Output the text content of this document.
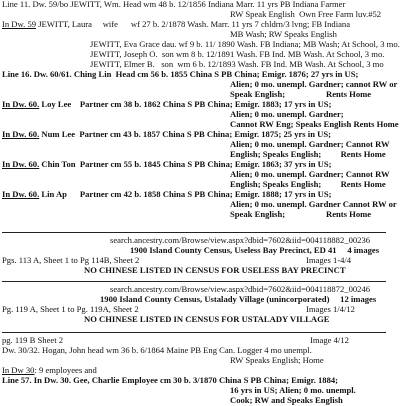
Line 11. Dw. 59/bo JEWITT, Wm. Head wm 48 b. 12/1856 Indiana Marr. 11 yrs PB Indiana Farmer
RW Speak English  Own Free Farm luv.#52
In Dw. 59 JEWITT, Laura     wife      wf 27 b. 2/1878 Wash. Marr. 11 yrs 7 chldrn/3 lvng; FB Indiana
MB Wash; RW Speaks English
JEWITT, Eva Grace dau. wf 9 b. 11/ 1890 Wash. FB Indiana; MB Wash; At School, 3 mo.
JEWITT, Joseph O.  son wm 8 b. 12/1891 Wash. FB Ind. MB Wash. At School, 3 mo.
JEWITT, Elmer B.   son  wm 6 b. 12/1893 Wash. FB Ind. MB Wash. At School, 3 mo
Line 16. Dw. 60/61. Ching Lin  Head cm 56 b. 1855 China S PB China; Emigr. 1876; 27 yrs in US;
Alien; 0 mo. unempl. Gardner; cannot RW or
Speak English;                   Rents Home
In Dw. 60. Loy Lee    Partner cm 38 b. 1862 China S PB China; Emigr. 1883; 17 yrs in US;
Alien; 0 mo. unempl. Gardner;
Cannot RW Eng; Speaks English Rents Home
In Dw. 60. Num Lee  Partner cm 43 b. 1857 China S PB China; Emigr. 1875; 25 yrs in US;
Alien; 0 mo. unempl. Gardner; Cannot RW
English; Speaks English;         Rents Home
In Dw. 60. Chin Ton  Partner cm 55 b. 1845 China S PB China; Emigr. 1863; 37 yrs in US;
Alien; 0 mo. unempl. Gardner; Cannot RW
English; Speaks English;         Rents Home
In Dw. 60. Lin Ap      Partner cm 42 b. 1858 China S PB China; Emigr. 1888; 17 yrs in US;
Alien; 0 mo. unempl. Gardner Cannot RW or
Speak English;                   Rents Home
search.ancestry.com/Browse/view.aspx?dbid=7602&iid=004118882_00236
1900 Island County Census, Useless Bay Precinct, ED 41     4 images
Pgs. 113 A, Sheet 1 to Pg 114B, Sheet 2	Images 1-4/4
NO CHINESE LISTED IN CENSUS FOR USELESS BAY PRECINCT
search.ancestry.com/Browse/view.aspx?dbid=7602&iid=004118872_00246
1900 Island County Census, Ustalady Village (unincorporated)     12 images
Pg. 119 A, Sheet 1 to Pg. 119A, Sheet 2	Images 1/4/12
NO CHINESE LISTED IN CENSUS FOR USTALADY VILLAGE
pg. 119 B Sheet 2	Image 4/12
Dw. 30/32. Hogan, John head wm 36 b. 6/1864 Maine PB Eng Can. Logger 4 mo unempl.
RW Speaks English; Home
In Dw 30: 9 employees and
Line 57. In Dw. 30. Gee, Charlie Employee cm 30 b. 3/1870 China S PB China; Emigr. 1884;
16 yrs in US; Alien; 0 mo. unempl.
Cook; RW and Speaks English
